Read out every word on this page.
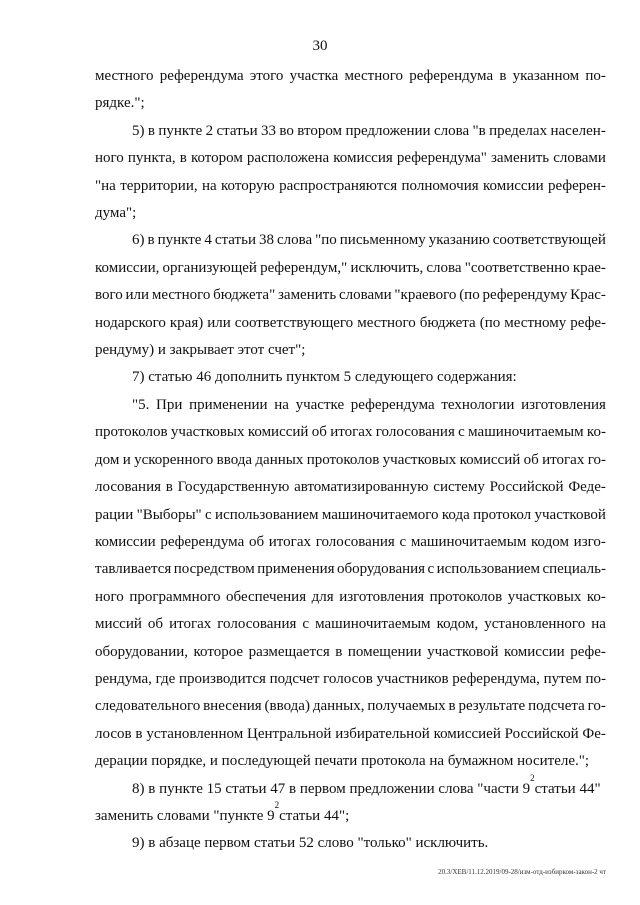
30
местного референдума этого участка местного референдума в указанном по-
рядке.";
5) в пункте 2 статьи 33 во втором предложении слова "в пределах населен-
ного пункта, в котором расположена комиссия референдума" заменить словами
"на территории, на которую распространяются полномочия комиссии референ-
дума";
6) в пункте 4 статьи 38 слова "по письменному указанию соответствующей
комиссии, организующей референдум," исключить, слова "соответственно крае-
вого или местного бюджета" заменить словами "краевого (по референдуму Крас-
нодарского края) или соответствующего местного бюджета (по местному рефе-
рендуму) и закрывает этот счет";
7) статью 46 дополнить пунктом 5 следующего содержания:
"5. При применении на участке референдума технологии изготовления
протоколов участковых комиссий об итогах голосования с машиночитаемым ко-
дом и ускоренного ввода данных протоколов участковых комиссий об итогах го-
лосования в Государственную автоматизированную систему Российской Феде-
рации "Выборы" с использованием машиночитаемого кода протокол участковой
комиссии референдума об итогах голосования с машиночитаемым кодом изго-
тавливается посредством применения оборудования с использованием специаль-
ного программного обеспечения для изготовления протоколов участковых ко-
миссий об итогах голосования с машиночитаемым кодом, установленного на
оборудовании, которое размещается в помещении участковой комиссии рефе-
рендума, где производится подсчет голосов участников референдума, путем по-
следовательного внесения (ввода) данных, получаемых в результате подсчета го-
лосов в установленном Центральной избирательной комиссией Российской Фе-
дерации порядке, и последующей печати протокола на бумажном носителе.";
8) в пункте 15 статьи 47 в первом предложении слова "части $9^2статьи$ 44"
заменить словами "пункте $9^2статьи$ 44";
9) в абзаце первом статьи 52 слово "только" исключить.
20.3/ХЕВ/11.12.2019/09-28/изм-отд-избирком-закон-2 чт
